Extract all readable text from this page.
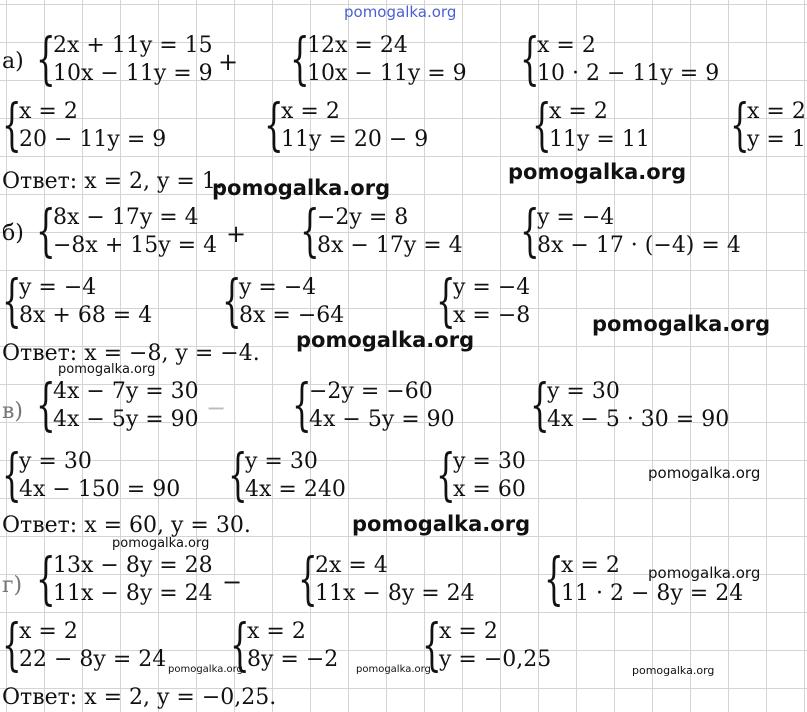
pomogalka.org
а) {
2x + 11y = 15
10x − 11y = 9 + {
12x = 24
10x − 11y = 9 {
x = 2
10 · 2 − 11y = 9
{
x = 2
20 − 11y = 9 {
x = 2
11y = 20 − 9 {
x = 2
11y = 11 {
x = 2
y = 1
Ответ: x = 2, y = 1.
pomogalka.org
pomogalka.org
б) {
8x − 17y = 4
−8x + 15y = 4 + {
−2y = 8
8x − 17y = 4 {
y = −4
8x − 17 · (−4) = 4
{
y = −4
8x + 68 = 4 {
y = −4
8x = −64 {
y = −4
x = −8
Ответ: x = −8, y = −4.
pomogalka.org
pomogalka.org
pomogalka.org
в) {
4x − 7y = 30
4x − 5y = 90 − {
−2y = −60
4x − 5y = 90 {
y = 30
4x − 5 · 30 = 90
{
y = 30
4x − 150 = 90 {
y = 30
4x = 240 {
y = 30
x = 60
pomogalka.org
Ответ: x = 60, y = 30.	pomogalka.org
pomogalka.org
г) {
13x − 8y = 28
11x − 8y = 24 − {
2x = 4
11x − 8y = 24 {
x = 2
11 · 2 − 8y = 24
pomogalka.org
{
x = 2
22 − 8y = 24 pomogalka.org
{
x = 2
8y = −2 pomogalka.org
{
x = 2
y = −0,25	pomogalka.org
Ответ: x = 2, y = −0,25.
